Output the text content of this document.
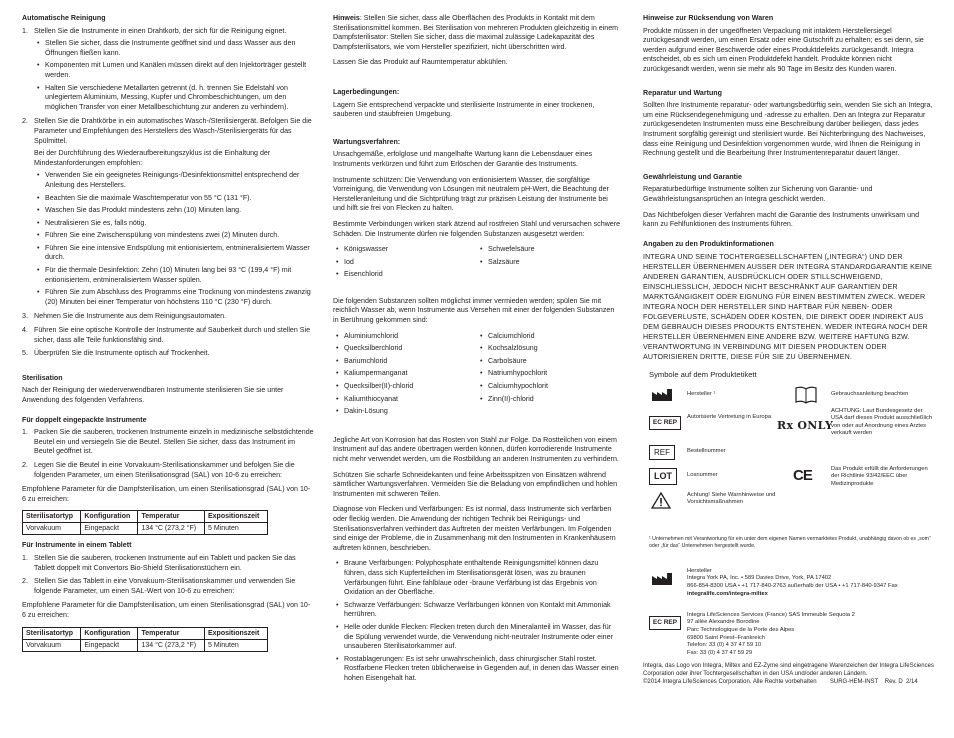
Automatische Reinigung
1. Stellen Sie die Instrumente in einen Drahtkorb, der sich für die Reinigung eignet.
• Stellen Sie sicher, dass die Instrumente geöffnet sind und dass Wasser aus den Öffnungen fließen kann.
• Komponenten mit Lumen und Kanälen müssen direkt auf den Injektorträger gestellt werden.
• Halten Sie verschiedene Metallarten getrennt (d. h. trennen Sie Edelstahl von unlegiertem Aluminium, Messing, Kupfer und Chrombeschichtungen, um den möglichen Transfer von einer Metallbeschichtung zur anderen zu verhindern).
2. Stellen Sie die Drahtkörbe in ein automatisches Wasch-/Sterilisiergerät. Befolgen Sie die Parameter und Empfehlungen des Herstellers des Wasch-/Sterilisiergeräts für das Spülmittel.
Bei der Durchführung des Wiederaufbereitungszyklus ist die Einhaltung der Mindestanforderungen empfohlen:
• Verwenden Sie ein geeignetes Reinigungs-/Desinfektionsmittel entsprechend der Anleitung des Herstellers.
• Beachten Sie die maximale Waschtemperatur von 55 °C (131 °F).
• Waschen Sie das Produkt mindestens zehn (10) Minuten lang.
• Neutralisieren Sie es, falls nötig.
• Führen Sie eine Zwischenspülung von mindestens zwei (2) Minuten durch.
• Führen Sie eine intensive Endspülung mit entionisiertem, entmineralisiertem Wasser durch.
• Für die thermale Desinfektion: Zehn (10) Minuten lang bei 93 °C (199,4 °F) mit entionisiertem, entmineralisiertem Wasser spülen.
• Führen Sie zum Abschluss des Programms eine Trocknung von mindestens zwanzig (20) Minuten bei einer Temperatur von höchstens 110 °C (230 °F) durch.
3. Nehmen Sie die Instrumente aus dem Reinigungsautomaten.
4. Führen Sie eine optische Kontrolle der Instrumente auf Sauberkeit durch und stellen Sie sicher, dass alle Teile funktionsfähig sind.
5. Überprüfen Sie die Instrumente optisch auf Trockenheit.
Sterilisation

Nach der Reinigung der wiederverwendbaren Instrumente sterilisieren Sie sie unter Anwendung des folgenden Verfahrens.

Für doppelt eingepackte Instrumente
1. Packen Sie die sauberen, trockenen Instrumente einzeln in medizinische selbstdichtende Beutel ein und versiegeln Sie die Beutel. Stellen Sie sicher, dass das Instrument im Beutel geöffnet ist.
2. Legen Sie die Beutel in eine Vorvakuum-Sterilisationskammer und befolgen Sie die folgenden Parameter, um einen Sterilisationsgrad (SAL) von 10-6 zu erreichen:

Empfohlene Parameter für die Dampfsterilisation, um einen Sterilisationsgrad (SAL) von 10-6 zu erreichen:

Sterilisatortyp	Konfiguration	Temperatur	Expositionszeit
Vorvakuum	Eingepackt	134 °C (273,2 °F)	5 Minuten
Für Instrumente in einem Tablett
1. Stellen Sie die sauberen, trockenen Instrumente auf ein Tablett und packen Sie das Tablett doppelt mit Convertors Bio-Shield Sterilisationstüchern ein.
2. Stellen Sie das Tablett in eine Vorvakuum-Sterilisationskammer und verwenden Sie folgende Parameter, um einen SAL-Wert von 10-6 zu erreichen:

Empfohlene Parameter für die Dampfsterilisation, um einen Sterilisationsgrad (SAL) von 10-6 zu erreichen:

Sterilisatortyp	Konfiguration	Temperatur	Expositionszeit
Vorvakuum	Eingepackt	134 °C (273,2 °F)	5 Minuten

Hinweis: Stellen Sie sicher, dass alle Oberflächen des Produkts in Kontakt mit dem Sterilisationsmittel kommen. Bei Sterilisation von mehreren Produkten gleichzeitig in einem Dampfsterilisator: Stellen Sie sicher, dass die maximal zulässige Ladekapazität des Dampfsterilisators, wie vom Hersteller spezifiziert, nicht überschritten wird.

Lassen Sie das Produkt auf Raumtemperatur abkühlen.

Lagerbedingungen:

Lagern Sie entsprechend verpackte und sterilisierte Instrumente in einer trockenen, sauberen und staubfreien Umgebung.

Wartungsverfahren:

Unsachgemäße, erfolglose und mangelhafte Wartung kann die Lebensdauer eines Instruments verkürzen und führt zum Erlöschen der Garantie des Instruments.

Instrumente schützen: Die Verwendung von entionisiertem Wasser, die sorgfältige Vorreinigung, die Verwendung von Lösungen mit neutralem pH-Wert, die Beachtung der Herstelleranleitung und die Sichtprüfung trägt zur präzisen Leistung der Instrumente bei und hilft sie frei von Flecken zu halten.

Bestimmte Verbindungen wirken stark ätzend auf rostfreien Stahl und verursachen schwere Schäden. Die Instrumente dürfen nie folgenden Substanzen ausgesetzt werden:

• Königswasser	• Schwefelsäure
• Iod	• Salzsäure
• Eisenchlorid

Die folgenden Substanzen sollten möglichst immer vermieden werden; spülen Sie mit reichlich Wasser ab, wenn Instrumente aus Versehen mit einer der folgenden Substanzen in Berührung gekommen sind:

• Aluminiumchlorid	• Calciumchlorid
• Quecksilberchlorid	• Kochsalzlösung
• Bariumchlorid	• Carbolsäure
• Kaliumpermanganat	• Natriumhypochlorit
• Quecksilber(II)-chlorid	• Calciumhypochlorit
• Kaliumthiocyanat	• Zinn(II)-chlorid
• Dakin-Lösung

Jegliche Art von Korrosion hat das Rosten von Stahl zur Folge. Da Rostteilchen von einem Instrument auf das andere übertragen werden können, dürfen korrodierende Instrumente nicht mehr verwendet werden, um die Rostbildung an anderen Instrumenten zu verhindern.

Schützen Sie scharfe Schneidekanten und feine Arbeitsspitzen von Einsätzen während sämtlicher Wartungsverfahren. Vermeiden Sie die Beladung von empfindlichen und hohlen Instrumenten mit schweren Teilen.

Diagnose von Flecken und Verfärbungen: Es ist normal, dass Instrumente sich verfärben oder fleckig werden. Die Anwendung der richtigen Technik bei Reinigungs- und Sterilisationsverfahren verhindert das Auftreten der meisten Verfärbungen. Im Folgenden sind einige der Probleme, die in Zusammenhang mit den Instrumenten in Krankenhäusern auftreten können, beschrieben.

• Braune Verfärbungen: Polyphosphate enthaltende Reinigungsmittel können dazu führen, dass sich Kupferteilchen im Sterilisationsgerät lösen, was zu braunen Verfärbungen führt. Eine fahlblaue oder -braune Verfärbung ist das Ergebnis von Oxidation an der Oberfläche.
• Schwarze Verfärbungen: Schwarze Verfärbungen können von Kontakt mit Ammoniak herrühren.
• Helle oder dunkle Flecken: Flecken treten durch den Mineralanteil im Wasser, das für die Spülung verwendet wurde, die Verwendung nicht-neutraler Instrumente oder einer unsauberen Sterilisatorkammer auf.
• Rostablagerungen: Es ist sehr unwahrscheinlich, dass chirurgischer Stahl rostet. Rostfarbene Flecken treten üblicherweise in Gegenden auf, in denen das Wasser einen hohen Eisengehalt hat.
Hinweise zur Rücksendung von Waren

Produkte müssen in der ungeöffneten Verpackung mit intaktem Herstellersiegel zurückgesandt werden, um einen Ersatz oder eine Gutschrift zu erhalten; es sei denn, sie werden aufgrund einer Beschwerde oder eines Produktdefekts zurückgesandt. Integra entscheidet, ob es sich um einen Produktdefekt handelt. Produkte können nicht zurückgesandt werden, wenn sie mehr als 90 Tage im Besitz des Kunden waren.

Reparatur und Wartung

Sollten Ihre Instrumente reparatur- oder wartungsbedürftig sein, wenden Sie sich an Integra, um eine Rücksendegenehmigung und -adresse zu erhalten. Den an Integra zur Reparatur zurückgesendeten Instrumenten muss eine Beschreibung darüber beiliegen, dass jedes Instrument sorgfältig gereinigt und sterilisiert wurde. Bei Nichterbringung des Nachweises, dass eine Reinigung und Desinfektion vorgenommen wurde, wird Ihnen die Reinigung in Rechnung gestellt und die Bearbeitung Ihrer Instrumentenreparatur dauert länger.

Gewährleistung und Garantie

Reparaturbedürftige Instrumente sollten zur Sicherung von Garantie- und Gewährleistungsansprüchen an Integra geschickt werden.

Das Nichtbefolgen dieser Verfahren macht die Garantie des Instruments unwirksam und kann zu Fehlfunktionen des Instruments führen.

Angaben zu den Produktinformationen

INTEGRA UND SEINE TOCHTERGESELLSCHAFTEN („INTEGRA“) UND DER HERSTELLER ÜBERNEHMEN AUSSER DER INTEGRA STANDARDGARANTIE KEINE ANDEREN GARANTIEN, AUSDRÜCKLICH ODER STILLSCHWEIGEND, EINSCHLIESSLICH, JEDOCH NICHT BESCHRÄNKT AUF GARANTIEN DER MARKTGÄNGIGKEIT ODER EIGNUNG FÜR EINEN BESTIMMTEN ZWECK. WEDER INTEGRA NOCH DER HERSTELLER SIND HAFTBAR FÜR NEBEN- ODER FOLGEVERLUSTE, SCHÄDEN ODER KOSTEN, DIE DIREKT ODER INDIREKT AUS DEM GEBRAUCH DIESES PRODUKTS ENTSTEHEN. WEDER INTEGRA NOCH DER HERSTELLER ÜBERNEHMEN EINE ANDERE BZW. WEITERE HAFTUNG BZW. VERANTWORTUNG IN VERBINDUNG MIT DIESEN PRODUKTEN ODER AUTORISIEREN DRITTE, DIESE FÜR SIE ZU ÜBERNEHMEN.

Symbole auf dem Produktetikett
Hersteller ¹	Gebrauchsanleitung beachten
EC REP
Autorisierte Vertretung in Europa
Rx ONLY
ACHTUNG: Laut Bundesgesetz der USA darf dieses Produkt ausschließlich von oder auf Anordnung eines Arztes verkauft werden
REF	Bestellnummer
LOT	Losnummer	CE	Das Produkt erfüllt die Anforderungen der Richtlinie 93/42/EEC über Medizinprodukte
Achtung! Siehe Warnhinweise und Vorsichtsmaßnahmen
¹ Unternehmen mit Verantwortung für ein unter dem eigenen Namen vermarktetes Produkt, unabhängig davon ob es „som“ oder „für das“ Unternehmen hergestellt wurde.
Hersteller
Integra York PA, Inc. • 589 Davies Drive, York, PA 17402
866-854-8300 USA • +1 717-840-2763 außerhalb der USA • +1 717-840-9347 Fax
integralife.com/integra-miltex
EC REP
Integra LifeSciences Services (France) SAS Immeuble Sequoia 2
97 allée Alexandre Borodine
Parc Technologique de la Porte des Alpes
69800 Saint Priest–Frankreich
Telefon: 33 (0) 4 37 47 59 10
Fax: 33 (0) 4 37 47 59 29
Integra, das Logo von Integra, Miltex and EZ-Zyme sind eingetragene Warenzeichen der Integra LifeSciences Corporation oder ihrer Tochtergesellschaften in den USA und/oder anderen Ländern.
©2014 Integra LifeSciences Corporation. Alle Rechte vorbehalten        SURG-HEM-INST    Rev. D  2/14
